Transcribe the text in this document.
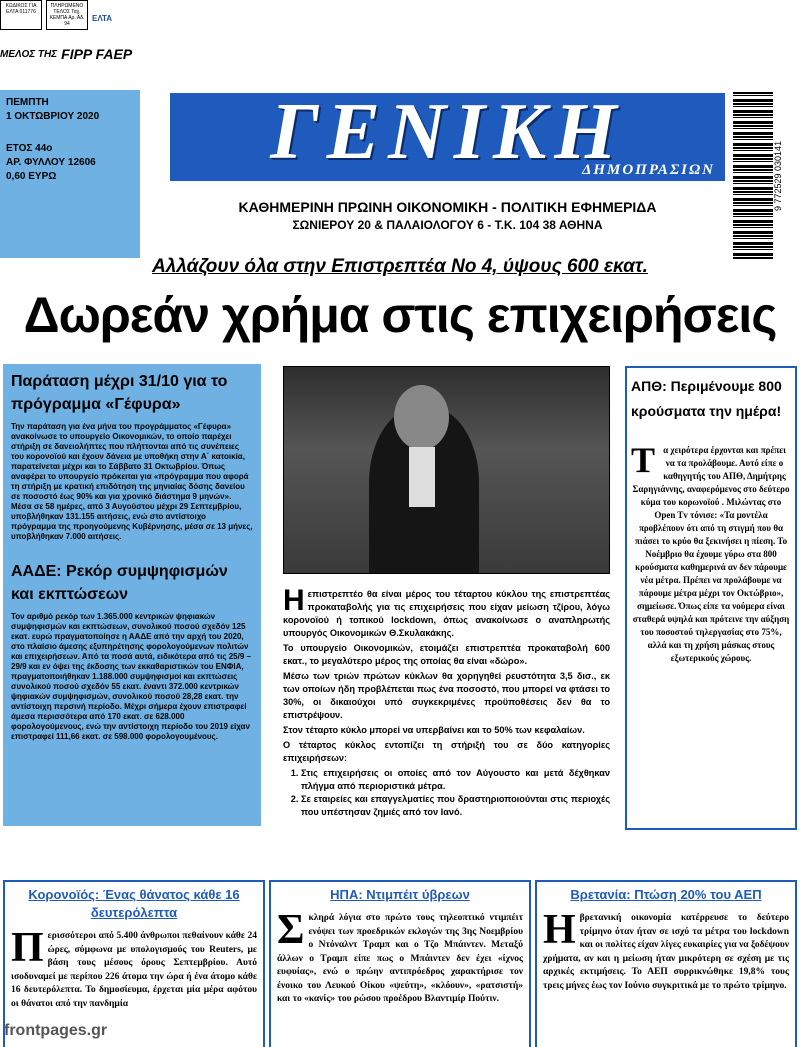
ΚΩΔΙΚΟΣ ΓΙΑ ΕΛΤΑ 011776
ΠΛΗΡΩΜΕΝΟ ΤΕΛΟΣ Ταχ. ΚΕΜΠΑ Αρ. Αδ. 94
ΕΛΤΑ
ΜΕΛΟΣ ΤΗΣ FIPP FAEP
ΠΕΜΠΤΗ
1 ΟΚΤΩΒΡΙΟΥ 2020
ΕΤΟΣ 44ο
ΑΡ. ΦΥΛΛΟΥ 12606
0,60 ΕΥΡΩ
ΓΕΝΙΚΗ
ΔΗΜΟΠΡΑΣΙΩΝ
ΚΑΘΗΜΕΡΙΝΗ ΠΡΩΙΝΗ ΟΙΚΟΝΟΜΙΚΗ - ΠΟΛΙΤΙΚΗ ΕΦΗΜΕΡΙΔΑ
ΣΩΝΙΕΡΟΥ 20 & ΠΑΛΑΙΟΛΟΓΟΥ 6 - Τ.Κ. 104 38 ΑΘΗΝΑ
9 772529 030141
Αλλάζουν όλα στην Επιστρεπτέα Νο 4, ύψους 600 εκατ.
Δωρεάν χρήμα στις επιχειρήσεις
Παράταση μέχρι 31/10 για το πρόγραμμα «Γέφυρα»
Την παράταση για ένα μήνα του προγράμματος «Γέφυρα» ανακοίνωσε το υπουργείο Οικονομικών, το οποίο παρέχει στήριξη σε δανειολήπτες που πλήττονται από τις συνέπειες του κορονοϊού και έχουν δάνεια με υποθήκη στην Α΄ κατοικία, παρατείνεται μέχρι και το Σάββατο 31 Οκτωβρίου. Όπως αναφέρει το υπουργείο πρόκειται για «πρόγραμμα που αφορά τη στήριξη με κρατική επιδότηση της μηνιαίας δόσης δανείου σε ποσοστό έως 90% και για χρονικό διάστημα 9 μηνών». Μέσα σε 58 ημέρες, από 3 Αυγούστου μέχρι 29 Σεπτεμβρίου, υποβλήθηκαν 131.155 αιτήσεις, ενώ στο αντίστοιχο πρόγραμμα της προηγούμενης Κυβέρνησης, μέσα σε 13 μήνες, υποβλήθηκαν 7.000 αιτήσεις.
ΑΑΔΕ: Ρεκόρ συμψηφισμών και εκπτώσεων
Τον αριθμό ρεκόρ των 1.365.000 κεντρικών ψηφιακών συμψηφισμών και εκπτώσεων, συνολικού ποσού σχεδόν 125 εκατ. ευρώ πραγματοποίησε η ΑΑΔΕ από την αρχή του 2020, στο πλαίσιο άμεσης εξυπηρέτησης φορολογούμενων πολιτών και επιχειρήσεων. Από τα ποσά αυτά, ειδικότερα από τις 25/9 – 29/9 και εν όψει της έκδοσης των εκκαθαριστικών του ΕΝΦΙΑ, πραγματοποιήθηκαν 1.188.000 συμψηφισμοί και εκπτώσεις συνολικού ποσού σχεδόν 55 εκατ. έναντι 372.000 κεντρικών ψηφιακών συμψηφισμών, συνολικού ποσού 28,28 εκατ. την αντίστοιχη περσινή περίοδο. Μέχρι σήμερα έχουν επιστραφεί άμεσα περισσότερα από 170 εκατ. σε 628.000 φορολογούμενους, ενώ την αντίστοιχη περίοδο του 2019 είχαν επιστραφεί 111,66 εκατ. σε 598.000 φορολογουμένους.

Η επιστρεπτέο θα είναι μέρος του τέταρτου κύκλου της επιστρεπτέας προκαταβολής για τις επιχειρήσεις που είχαν μείωση τζίρου, λόγω κορονοϊού ή τοπικού lockdown, όπως ανακοίνωσε ο αναπληρωτής υπουργός Οικονομικών Θ.Σκυλακάκης.

Το υπουργείο Οικονομικών, ετοιμάζει επιστρεπτέα προκαταβολή 600 εκατ., το μεγαλύτερο μέρος της οποίας θα είναι «δώρο».

Μέσω των τριών πρώτων κύκλων θα χορηγηθεί ρευστότητα 3,5 δισ., εκ των οποίων ήδη προβλέπεται πως ένα ποσοστό, που μπορεί να φτάσει το 30%, οι δικαιούχοι υπό συγκεκριμένες προϋποθέσεις δεν θα το επιστρέψουν.

Στον τέταρτο κύκλο μπορεί να υπερβαίνει και το 50% των κεφαλαίων.

Ο τέταρτος κύκλος εντοπίζει τη στήριξή του σε δύο κατηγορίες επιχειρήσεων:

1. Στις επιχειρήσεις οι οποίες από τον Αύγουστο και μετά δέχθηκαν πλήγμα από περιοριστικά μέτρα.
2. Σε εταιρείες και επαγγελματίες που δραστηριοποιούνται στις περιοχές που υπέστησαν ζημιές από τον Ιανό.
ΑΠΘ: Περιμένουμε 800 κρούσματα την ημέρα!
Τα χειρότερα έρχονται και πρέπει να τα προλάβουμε. Αυτό είπε ο καθηγητής του ΑΠΘ, Δημήτρης Σαρηγιάννης, αναφερόμενος στο δεύτερο κύμα του κορωνοϊού . Μιλώντας στο Open Tv τόνισε: «Τα μοντέλα προβλέπουν ότι από τη στιγμή που θα πιάσει το κρύο θα ξεκινήσει η πίεση. Το Νοέμβριο θα έχουμε γύρω στα 800 κρούσματα καθημερινά αν δεν πάρουμε νέα μέτρα. Πρέπει να προλάβουμε να πάρουμε μέτρα μέχρι τον Οκτώβριο», σημείωσε. Όπως είπε τα νούμερα είναι σταθερά υψηλά και πρότεινε την αύξηση του ποσοστού τηλεργασίας στο 75%, αλλά και τη χρήση μάσκας στους εξωτερικούς χώρους.
Κορονοϊός: Ένας θάνατος κάθε 16 δευτερόλεπτα
Περισσότεροι από 5.400 άνθρωποι πεθαίνουν κάθε 24 ώρες, σύμφωνα με υπολογισμούς του Reuters, με βάση τους μέσους όρους Σεπτεμβρίου. Αυτό ισοδυναμεί με περίπου 226 άτομα την ώρα ή ένα άτομο κάθε 16 δευτερόλεπτα. Το δημοσίευμα, έρχεται μία μέρα αφότου οι θάνατοι από την πανδημία
ΗΠΑ: Ντιμπέιτ ύβρεων
Σκληρά λόγια στο πρώτο τους τηλεοπτικό ντιμπέιτ ενόψει των προεδρικών εκλογών της 3ης Νοεμβρίου ο Ντόναλντ Τραμπ και ο Τζο Μπάιντεν. Μεταξύ άλλων ο Τραμπ είπε πως ο Μπάιντεν δεν έχει «ίχνος ευφυίας», ενώ ο πρώην αντιπρόεδρος χαρακτήρισε τον ένοικο του Λευκού Οίκου «ψεύτη», «κλόουν», «ρατσιστή» και το «κανίς» του ρώσου προέδρου Βλαντιμίρ Πούτιν.
Βρετανία: Πτώση 20% του ΑΕΠ
Η βρετανική οικονομία κατέρρευσε το δεύτερο τρίμηνο όταν ήταν σε ισχύ τα μέτρα του lockdown και οι πολίτες είχαν λίγες ευκαιρίες για να ξοδέψουν χρήματα, αν και η μείωση ήταν μικρότερη σε σχέση με τις αρχικές εκτιμήσεις. Το ΑΕΠ συρρικνώθηκε 19,8% τους τρεις μήνες έως τον Ιούνιο συγκριτικά με το πρώτο τρίμηνο.
frontpages.gr
